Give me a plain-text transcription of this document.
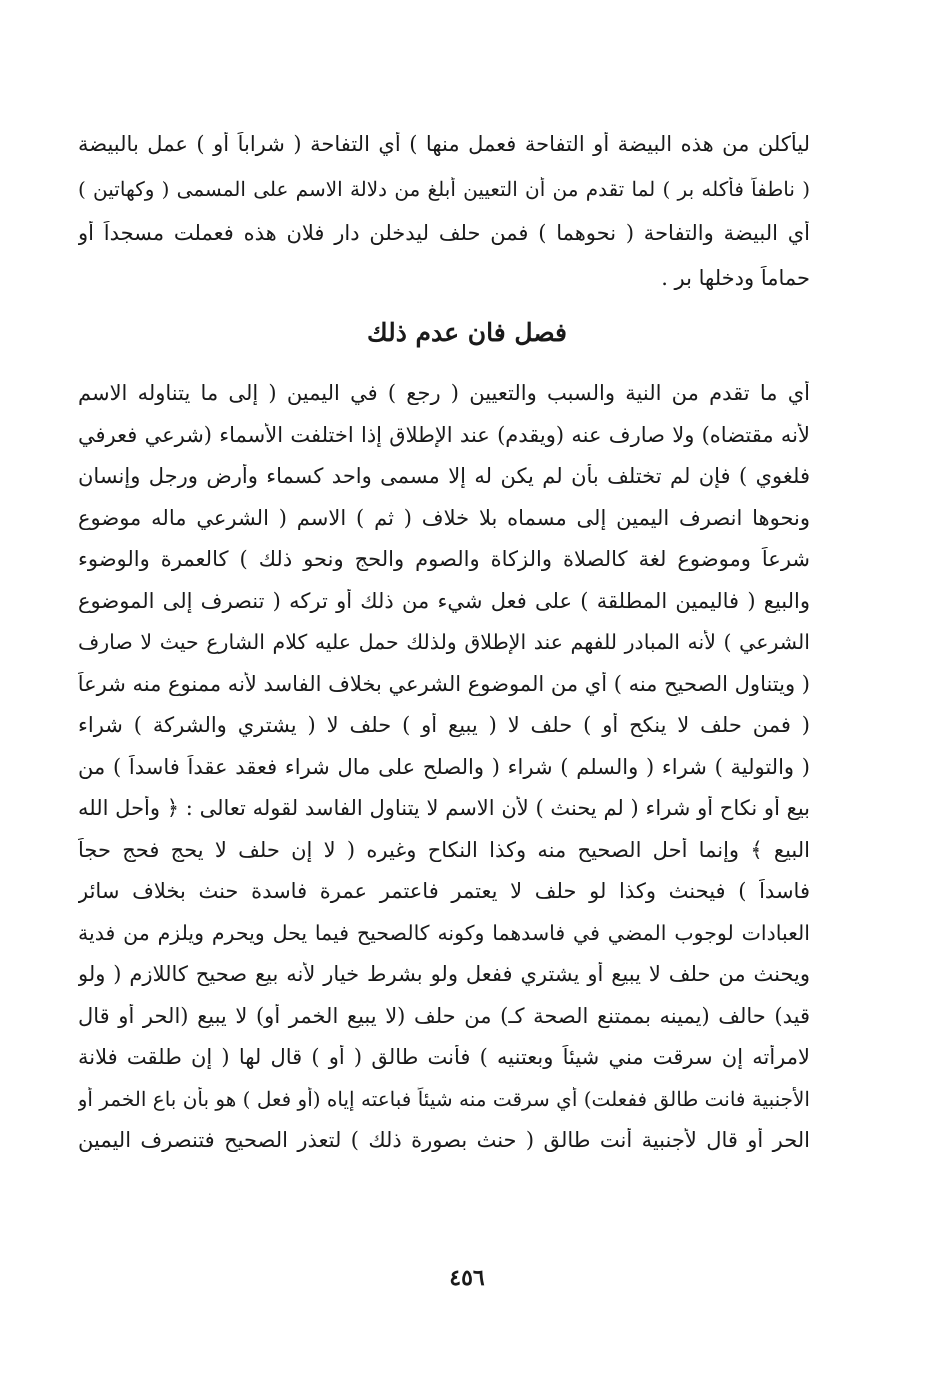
ليأكلن من هذه البيضة أو التفاحة فعمل منها ) أي التفاحة ( شراباً أو ) عمل بالبيضة
( ناطفاً فأكله بر ) لما تقدم من أن التعيين أبلغ من دلالة الاسم على المسمى ( وكهاتين )
أي البيضة والتفاحة ( نحوهما ) فمن حلف ليدخلن دار فلان هذه فعملت مسجداً أو
حماماً ودخلها بر .
فصل فان عدم ذلك
أي ما تقدم من النية والسبب والتعيين ( رجع ) في اليمين ( إلى ما يتناوله الاسم
لأنه مقتضاه) ولا صارف عنه (ويقدم) عند الإطلاق إذا اختلفت الأسماء (شرعي فعرفي
فلغوي ) فإن لم تختلف بأن لم يكن له إلا مسمى واحد كسماء وأرض ورجل وإنسان
ونحوها انصرف اليمين إلى مسماه بلا خلاف ( ثم ) الاسم ( الشرعي ماله موضوع
شرعاً وموضوع لغة كالصلاة والزكاة والصوم والحج ونحو ذلك ) كالعمرة والوضوء
والبيع ( فاليمين المطلقة ) على فعل شيء من ذلك أو تركه ( تنصرف إلى الموضوع
الشرعي ) لأنه المبادر للفهم عند الإطلاق ولذلك حمل عليه كلام الشارع حيث لا صارف
( ويتناول الصحيح منه ) أي من الموضوع الشرعي بخلاف الفاسد لأنه ممنوع منه شرعاً
( فمن حلف لا ينكح أو ) حلف لا ( يبيع أو ) حلف لا ( يشتري والشركة ) شراء
( والتولية ) شراء ( والسلم ) شراء ( والصلح على مال شراء فعقد عقداً فاسداً ) من
بيع أو نكاح أو شراء ( لم يحنث ) لأن الاسم لا يتناول الفاسد لقوله تعالى : ﴿ وأحل الله
البيع ﴾ وإنما أحل الصحيح منه وكذا النكاح وغيره ( لا إن حلف لا يحج فحج حجاً
فاسداً ) فيحنث وكذا لو حلف لا يعتمر فاعتمر عمرة فاسدة حنث بخلاف سائر
العبادات لوجوب المضي في فاسدهما وكونه كالصحيح فيما يحل ويحرم ويلزم من فدية
ويحنث من حلف لا يبيع أو يشتري ففعل ولو بشرط خيار لأنه بيع صحيح كاللازم ( ولو
قيد) حالف (يمينه بممتنع الصحة كـ) من حلف (لا يبيع الخمر أو) لا يبيع (الحر أو قال
لامرأته إن سرقت مني شيئاً وبعتنيه ) فأنت طالق ( أو ) قال لها ( إن طلقت فلانة
الأجنبية فانت طالق ففعلت) أي سرقت منه شيئاً فباعته إياه (أو فعل ) هو بأن باع الخمر أو
الحر أو قال لأجنبية أنت طالق ( حنث بصورة ذلك ) لتعذر الصحيح فتنصرف اليمين
٤٥٦
